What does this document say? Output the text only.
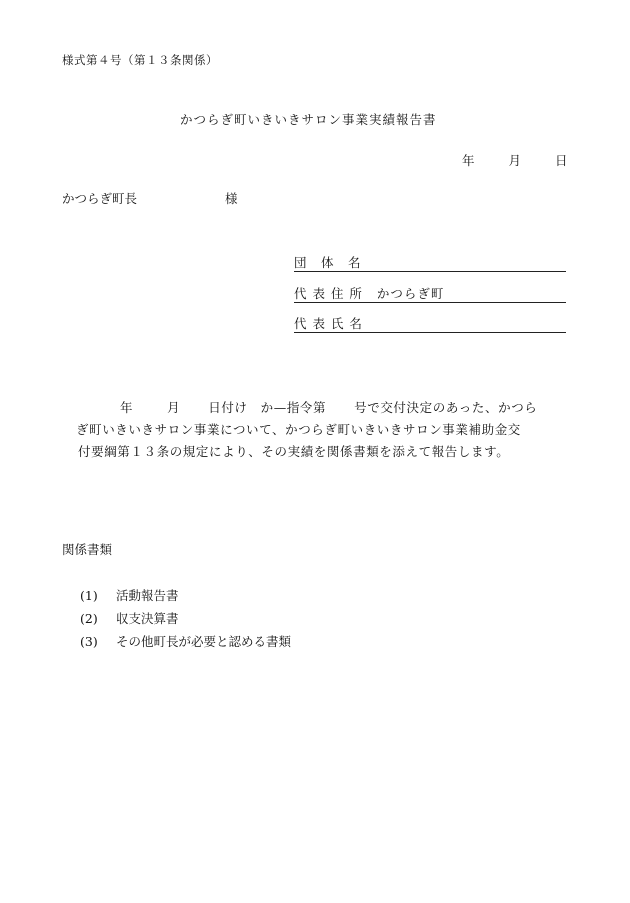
様式第４号（第１３条関係）
かつらぎ町いきいきサロン事業実績報告書
年	月	日
かつらぎ町長	様
団　体　名
代 表 住 所 かつらぎ町
代 表 氏 名
年	月 日付け　か—指令第 号で交付決定のあった、かつら
ぎ町いきいきサロン事業について、かつらぎ町いきいきサロン事業補助金交
付要綱第１３条の規定により、その実績を関係書類を添えて報告します。
関係書類
(1) 活動報告書
(2) 収支決算書
(3) その他町長が必要と認める書類
